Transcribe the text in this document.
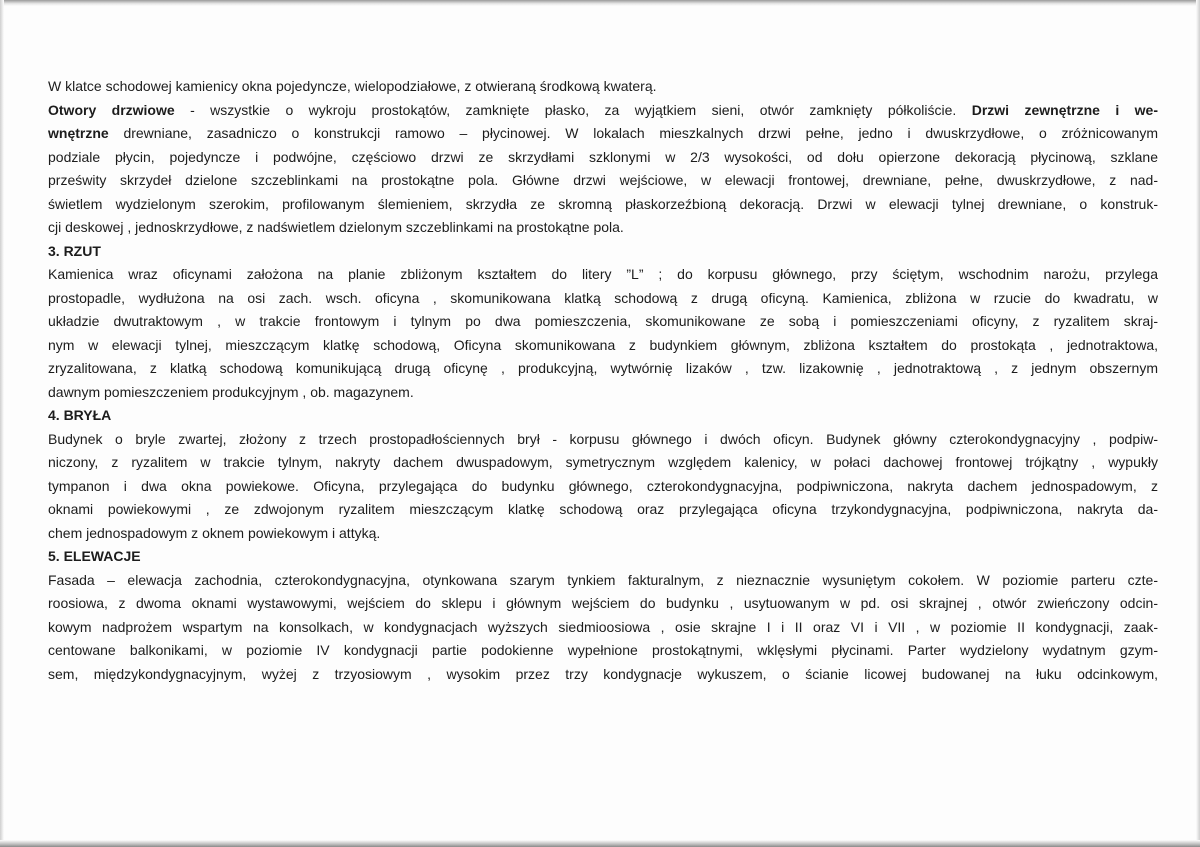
W klatce schodowej kamienicy okna pojedyncze, wielopodziałowe, z otwieraną środkową kwaterą.
Otwory drzwiowe - wszystkie o wykroju prostokątów, zamknięte płasko, za wyjątkiem sieni, otwór zamknięty półkoliście. Drzwi zewnętrzne i we-
wnętrzne drewniane, zasadniczo o konstrukcji ramowo – płycinowej. W lokalach mieszkalnych drzwi pełne, jedno i dwuskrzydłowe, o zróżnicowanym
podziale płycin, pojedyncze i podwójne, częściowo drzwi ze skrzydłami szklonymi w 2/3 wysokości, od dołu opierzone dekoracją płycinową, szklane
prześwity skrzydeł dzielone szczeblinkami na prostokątne pola. Główne drzwi wejściowe, w elewacji frontowej, drewniane, pełne, dwuskrzydłowe, z nad-
świetlem wydzielonym szerokim, profilowanym ślemieniem, skrzydła ze skromną płaskorzeźbioną dekoracją. Drzwi w elewacji tylnej drewniane, o konstruk-
cji deskowej , jednoskrzydłowe, z nadświetlem dzielonym szczeblinkami na prostokątne pola.
3. RZUT
Kamienica wraz oficynami założona na planie zbliżonym kształtem do litery ”L” ; do korpusu głównego, przy ściętym, wschodnim narożu, przylega
prostopadle, wydłużona na osi zach. wsch. oficyna , skomunikowana klatką schodową z drugą oficyną. Kamienica, zbliżona w rzucie do kwadratu, w
układzie dwutraktowym , w trakcie frontowym i tylnym po dwa pomieszczenia, skomunikowane ze sobą i pomieszczeniami oficyny, z ryzalitem skraj-
nym w elewacji tylnej, mieszczącym klatkę schodową, Oficyna skomunikowana z budynkiem głównym, zbliżona kształtem do prostokąta , jednotraktowa,
zryzalitowana, z klatką schodową komunikującą drugą oficynę , produkcyjną, wytwórnię lizaków , tzw. lizakownię , jednotraktową , z jednym obszernym
dawnym pomieszczeniem produkcyjnym , ob. magazynem.
4. BRYŁA
Budynek o bryle zwartej, złożony z trzech prostopadłościennych brył - korpusu głównego i dwóch oficyn. Budynek główny czterokondygnacyjny , podpiw-
niczony, z ryzalitem w trakcie tylnym, nakryty dachem dwuspadowym, symetrycznym względem kalenicy, w połaci dachowej frontowej trójkątny , wypukły
tympanon i dwa okna powiekowe. Oficyna, przylegająca do budynku głównego, czterokondygnacyjna, podpiwniczona, nakryta dachem jednospadowym, z
oknami powiekowymi , ze zdwojonym ryzalitem mieszczącym klatkę schodową oraz przylegająca oficyna trzykondygnacyjna, podpiwniczona, nakryta da-
chem jednospadowym z oknem powiekowym i attyką.
5. ELEWACJE
Fasada – elewacja zachodnia, czterokondygnacyjna, otynkowana szarym tynkiem fakturalnym, z nieznacznie wysuniętym cokołem. W poziomie parteru czte-
roosiowa, z dwoma oknami wystawowymi, wejściem do sklepu i głównym wejściem do budynku , usytuowanym w pd. osi skrajnej , otwór zwieńczony odcin-
kowym nadprożem wspartym na konsolkach, w kondygnacjach wyższych siedmioosiowa , osie skrajne I i II oraz VI i VII , w poziomie II kondygnacji, zaak-
centowane balkonikami, w poziomie IV kondygnacji partie podokienne wypełnione prostokątnymi, wklęsłymi płycinami. Parter wydzielony wydatnym gzym-
sem, międzykondygnacyjnym, wyżej z trzyosiowym , wysokim przez trzy kondygnacje wykuszem, o ścianie licowej budowanej na łuku odcinkowym,
